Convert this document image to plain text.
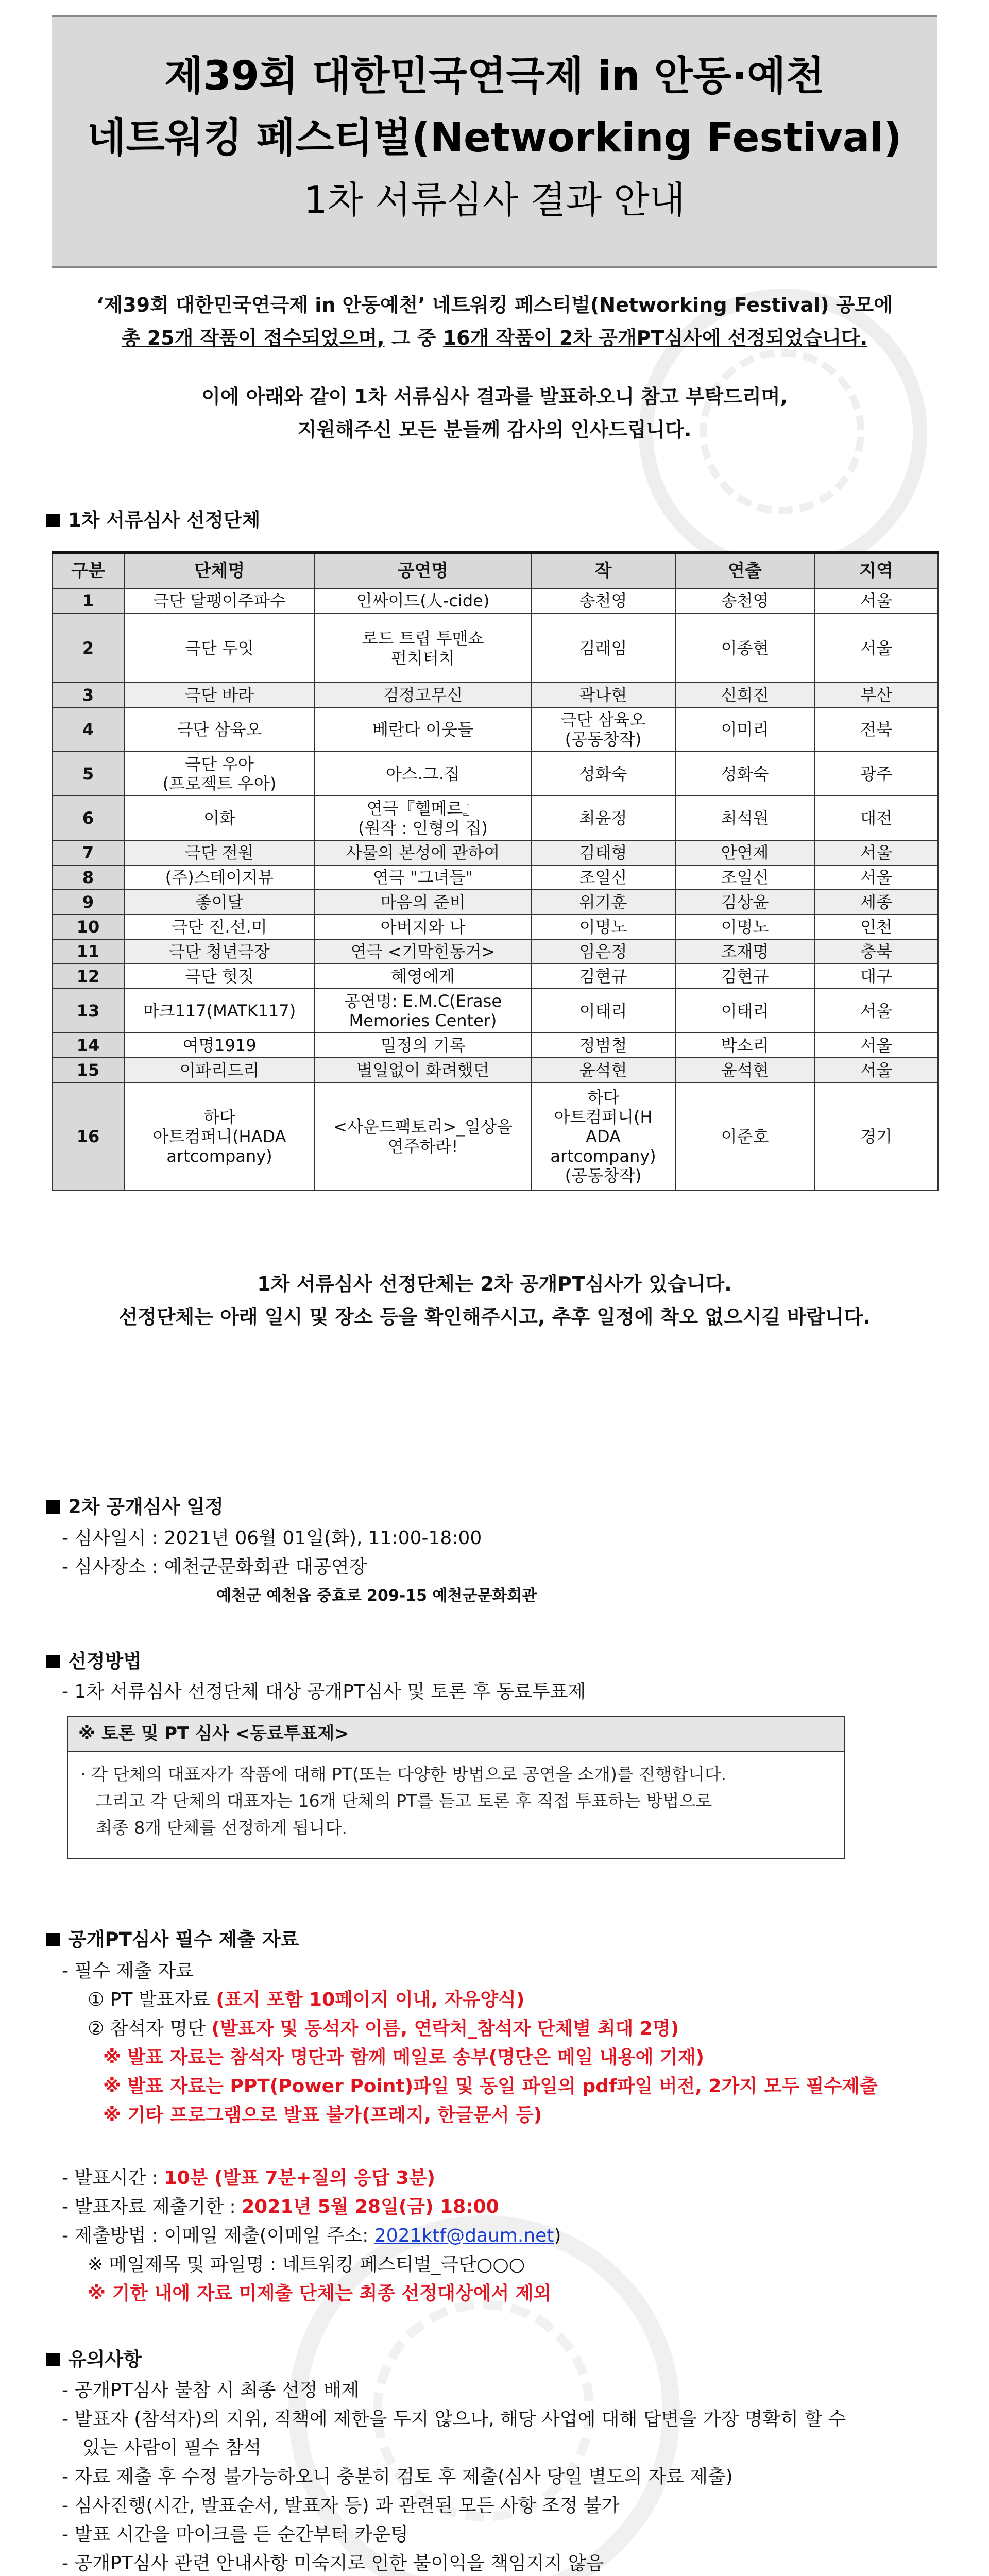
제39회 대한민국연극제 in 안동·예천
네트워킹 페스티벌(Networking Festival)
1차 서류심사 결과 안내

‘제39회 대한민국연극제 in 안동예천’ 네트워킹 페스티벌(Networking Festival) 공모에

총 25개 작품이 접수되었으며, 그 중 16개 작품이 2차 공개PT심사에 선정되었습니다.

이에 아래와 같이 1차 서류심사 결과를 발표하오니 참고 부탁드리며,

지원해주신 모든 분들께 감사의 인사드립니다.

1차 서류심사 선정단체
구분	단체명	공연명	작	연출	지역
1	극단 달팽이주파수	인싸이드(人-cide)	송천영	송천영	서울
2	극단 두잇	로드 트립 투맨쇼
펀치터치	김래임	이종현	서울
3	극단 바라	검정고무신	곽나현	신희진	부산
4	극단 삼육오	베란다 이웃들	극단 삼육오
(공동창작)	이미리	전북
5	극단 우아
(프로젝트 우아)	아스.그.집	성화숙	성화숙	광주
6	이화	연극『헬메르』
(원작 : 인형의 집)	최윤정	최석원	대전
7	극단 전원	사물의 본성에 관하여	김태형	안연제	서울
8	(주)스테이지뷰	연극 "그녀들"	조일신	조일신	서울
9	좋이달	마음의 준비	위기훈	김상윤	세종
10	극단 진.선.미	아버지와 나	이명노	이명노	인천
11	극단 청년극장	연극 <기막힌동거>	임은정	조재명	충북
12	극단 헛짓	혜영에게	김현규	김현규	대구
13	마크117(MATK117)	공연명: E.M.C(Erase
Memories Center)	이태리	이태리	서울
14	여명1919	밀정의 기록	정범철	박소리	서울
15	이파리드리	별일없이 화려했던	윤석현	윤석현	서울
16	하다
아트컴퍼니(HADA
artcompany)	<사운드팩토리>_일상을
연주하라!	하다
아트컴퍼니(H
ADA
artcompany)
(공동창작)	이준호	경기

1차 서류심사 선정단체는 2차 공개PT심사가 있습니다.

선정단체는 아래 일시 및 장소 등을 확인해주시고, 추후 일정에 착오 없으시길 바랍니다.

2차 공개심사 일정
- 심사일시 : 2021년 06월 01일(화), 11:00-18:00
- 심사장소 : 예천군문화회관 대공연장
예천군 예천읍 중효로 209-15 예천군문화회관
선정방법
- 1차 서류심사 선정단체 대상 공개PT심사 및 토론 후 동료투표제
※ 토론 및 PT 심사 <동료투표제>
· 각 단체의 대표자가 작품에 대해 PT(또는 다양한 방법으로 공연을 소개)를 진행합니다.
그리고 각 단체의 대표자는 16개 단체의 PT를 듣고 토론 후 직접 투표하는 방법으로
최종 8개 단체를 선정하게 됩니다.
공개PT심사 필수 제출 자료
- 필수 제출 자료
① PT 발표자료 (표지 포함 10페이지 이내, 자유양식)
② 참석자 명단 (발표자 및 동석자 이름, 연락처_참석자 단체별 최대 2명)
※ 발표 자료는 참석자 명단과 함께 메일로 송부(명단은 메일 내용에 기재)
※ 발표 자료는 PPT(Power Point)파일 및 동일 파일의 pdf파일 버전, 2가지 모두 필수제출
※ 기타 프로그램으로 발표 불가(프레지, 한글문서 등)
- 발표시간 : 10분 (발표 7분+질의 응답 3분)
- 발표자료 제출기한 : 2021년 5월 28일(금) 18:00
- 제출방법 : 이메일 제출(이메일 주소: 2021ktf@daum.net)
※ 메일제목 및 파일명 : 네트워킹 페스티벌_극단○○○
※ 기한 내에 자료 미제출 단체는 최종 선정대상에서 제외
유의사항
- 공개PT심사 불참 시 최종 선정 배제
- 발표자 (참석자)의 지위, 직책에 제한을 두지 않으나, 해당 사업에 대해 답변을 가장 명확히 할 수
있는 사람이 필수 참석
- 자료 제출 후 수정 불가능하오니 충분히 검토 후 제출(심사 당일 별도의 자료 제출)
- 심사진행(시간, 발표순서, 발표자 등) 과 관련된 모든 사항 조정 불가
- 발표 시간을 마이크를 든 순간부터 카운팅
- 공개PT심사 관련 안내사항 미숙지로 인한 불이익을 책임지지 않음
